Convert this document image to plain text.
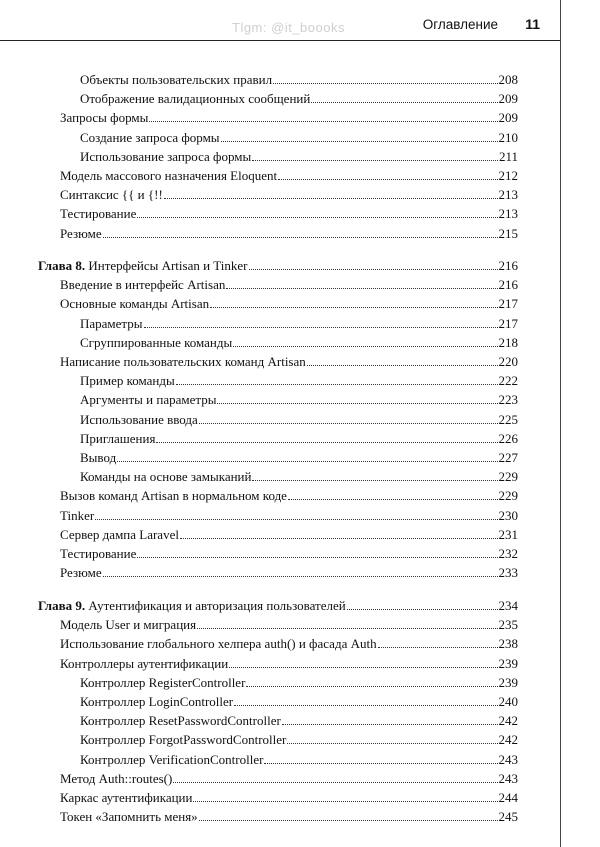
Tlgm: @it_boooks	Оглавление 11
Объекты пользовательских правил	208
Отображение валидационных сообщений	209
Запросы формы	209
Создание запроса формы	210
Использование запроса формы	211
Модель массового назначения Eloquent	212
Синтаксис {{ и {!!	213
Тестирование	213
Резюме	215
Глава 8. Интерфейсы Artisan и Tinker	216
Введение в интерфейс Artisan	216
Основные команды Artisan	217
Параметры	217
Сгруппированные команды	218
Написание пользовательских команд Artisan	220
Пример команды	222
Аргументы и параметры	223
Использование ввода	225
Приглашения	226
Вывод	227
Команды на основе замыканий	229
Вызов команд Artisan в нормальном коде	229
Tinker	230
Сервер дампа Laravel	231
Тестирование	232
Резюме	233
Глава 9. Аутентификация и авторизация пользователей	234
Модель User и миграция	235
Использование глобального хелпера auth() и фасада Auth	238
Контроллеры аутентификации	239
Контроллер RegisterController	239
Контроллер LoginController	240
Контроллер ResetPasswordController	242
Контроллер ForgotPasswordController	242
Контроллер VerificationController	243
Метод Auth::routes()	243
Каркас аутентификации	244
Токен «Запомнить меня»	245
